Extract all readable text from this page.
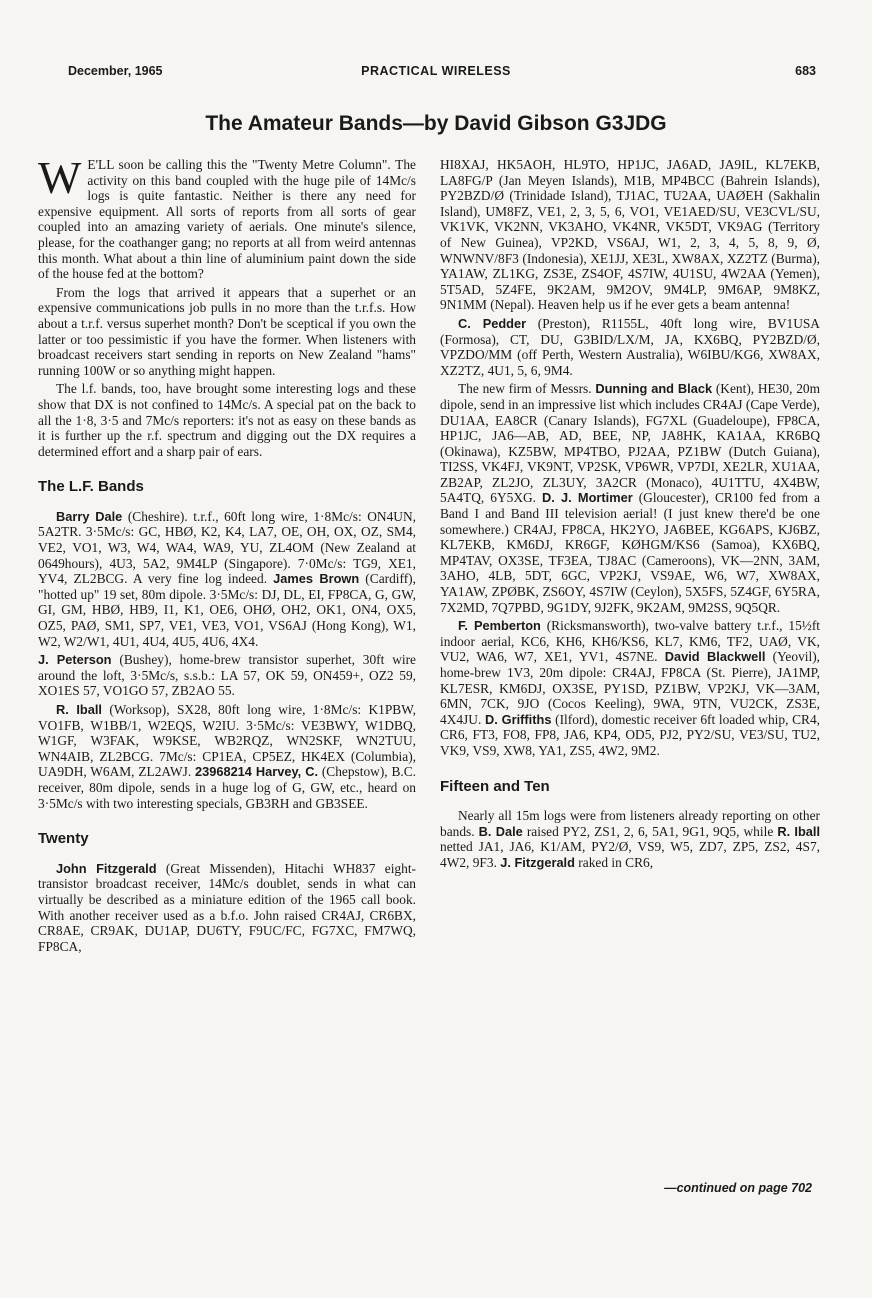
December, 1965	PRACTICAL WIRELESS	683
The Amateur Bands—by David Gibson G3JDG

W E'LL soon be calling this the "Twenty Metre Column". The activity on this band coupled with the huge pile of 14Mc/s logs is quite fantastic. Neither is there any need for expensive equipment. All sorts of reports from all sorts of gear coupled into an amazing variety of aerials. One minute's silence, please, for the coathanger gang; no reports at all from weird antennas this month. What about a thin line of aluminium paint down the side of the house fed at the bottom?

From the logs that arrived it appears that a superhet or an expensive communications job pulls in no more than the t.r.f.s. How about a t.r.f. versus superhet month? Don't be sceptical if you own the latter or too pessimistic if you have the former. When listeners with broadcast receivers start sending in reports on New Zealand "hams" running 100W or so anything might happen.

The l.f. bands, too, have brought some interesting logs and these show that DX is not confined to 14Mc/s. A special pat on the back to all the 1·8, 3·5 and 7Mc/s reporters: it's not as easy on these bands as it is further up the r.f. spectrum and digging out the DX requires a determined effort and a sharp pair of ears.

The L.F. Bands

Barry Dale (Cheshire). t.r.f., 60ft long wire, 1·8Mc/s: ON4UN, 5A2TR. 3·5Mc/s: GC, HBØ, K2, K4, LA7, OE, OH, OX, OZ, SM4, VE2, VO1, W3, W4, WA4, WA9, YU, ZL4OM (New Zealand at 0649hours), 4U3, 5A2, 9M4LP (Singapore). 7·0Mc/s: TG9, XE1, YV4, ZL2BCG. A very fine log indeed. James Brown (Cardiff), "hotted up" 19 set, 80m dipole. 3·5Mc/s: DJ, DL, EI, FP8CA, G, GW, GI, GM, HBØ, HB9, I1, K1, OE6, OHØ, OH2, OK1, ON4, OX5, OZ5, PAØ, SM1, SP7, VE1, VE3, VO1, VS6AJ (Hong Kong), W1, W2, W2/W1, 4U1, 4U4, 4U5, 4U6, 4X4.

J. Peterson (Bushey), home-brew transistor superhet, 30ft wire around the loft, 3·5Mc/s, s.s.b.: LA 57, OK 59, ON459+, OZ2 59, XO1ES 57, VO1GO 57, ZB2AO 55.

R. Iball (Worksop), SX28, 80ft long wire, 1·8Mc/s: K1PBW, VO1FB, W1BB/1, W2EQS, W2IU. 3·5Mc/s: VE3BWY, W1DBQ, W1GF, W3FAK, W9KSE, WB2RQZ, WN2SKF, WN2TUU, WN4AIB, ZL2BCG. 7Mc/s: CP1EA, CP5EZ, HK4EX (Columbia), UA9DH, W6AM, ZL2AWJ. 23968214 Harvey, C. (Chepstow), B.C. receiver, 80m dipole, sends in a huge log of G, GW, etc., heard on 3·5Mc/s with two interesting specials, GB3RH and GB3SEE.

Twenty

John Fitzgerald (Great Missenden), Hitachi WH837 eight-transistor broadcast receiver, 14Mc/s doublet, sends in what can virtually be described as a miniature edition of the 1965 call book. With another receiver used as a b.f.o. John raised CR4AJ, CR6BX, CR8AE, CR9AK, DU1AP, DU6TY, F9UC/FC, FG7XC, FM7WQ, FP8CA,

HI8XAJ, HK5AOH, HL9TO, HP1JC, JA6AD, JA9IL, KL7EKB, LA8FG/P (Jan Meyen Islands), M1B, MP4BCC (Bahrein Islands), PY2BZD/Ø (Trinidade Island), TJ1AC, TU2AA, UAØEH (Sakhalin Island), UM8FZ, VE1, 2, 3, 5, 6, VO1, VE1AED/SU, VE3CVL/SU, VK1VK, VK2NN, VK3AHO, VK4NR, VK5DT, VK9AG (Territory of New Guinea), VP2KD, VS6AJ, W1, 2, 3, 4, 5, 8, 9, Ø, WNWNV/8F3 (Indonesia), XE1JJ, XE3L, XW8AX, XZ2TZ (Burma), YA1AW, ZL1KG, ZS3E, ZS4OF, 4S7IW, 4U1SU, 4W2AA (Yemen), 5T5AD, 5Z4FE, 9K2AM, 9M2OV, 9M4LP, 9M6AP, 9M8KZ, 9N1MM (Nepal). Heaven help us if he ever gets a beam antenna!

C. Pedder (Preston), R1155L, 40ft long wire, BV1USA (Formosa), CT, DU, G3BID/LX/M, JA, KX6BQ, PY2BZD/Ø, VPZDO/MM (off Perth, Western Australia), W6IBU/KG6, XW8AX, XZ2TZ, 4U1, 5, 6, 9M4.

The new firm of Messrs. Dunning and Black (Kent), HE30, 20m dipole, send in an impressive list which includes CR4AJ (Cape Verde), DU1AA, EA8CR (Canary Islands), FG7XL (Guadeloupe), FP8CA, HP1JC, JA6—AB, AD, BEE, NP, JA8HK, KA1AA, KR6BQ (Okinawa), KZ5BW, MP4TBO, PJ2AA, PZ1BW (Dutch Guiana), TI2SS, VK4FJ, VK9NT, VP2SK, VP6WR, VP7DI, XE2LR, XU1AA, ZB2AP, ZL2JO, ZL3UY, 3A2CR (Monaco), 4U1TTU, 4X4BW, 5A4TQ, 6Y5XG. D. J. Mortimer (Gloucester), CR100 fed from a Band I and Band III television aerial! (I just knew there'd be one somewhere.) CR4AJ, FP8CA, HK2YO, JA6BEE, KG6APS, KJ6BZ, KL7EKB, KM6DJ, KR6GF, KØHGM/KS6 (Samoa), KX6BQ, MP4TAV, OX3SE, TF3EA, TJ8AC (Cameroons), VK—2NN, 3AM, 3AHO, 4LB, 5DT, 6GC, VP2KJ, VS9AE, W6, W7, XW8AX, YA1AW, ZPØBK, ZS6OY, 4S7IW (Ceylon), 5X5FS, 5Z4GF, 6Y5RA, 7X2MD, 7Q7PBD, 9G1DY, 9J2FK, 9K2AM, 9M2SS, 9Q5QR.

F. Pemberton (Ricksmansworth), two-valve battery t.r.f., 15½ft indoor aerial, KC6, KH6, KH6/KS6, KL7, KM6, TF2, UAØ, VK, VU2, WA6, W7, XE1, YV1, 4S7NE. David Blackwell (Yeovil), home-brew 1V3, 20m dipole: CR4AJ, FP8CA (St. Pierre), JA1MP, KL7ESR, KM6DJ, OX3SE, PY1SD, PZ1BW, VP2KJ, VK—3AM, 6MN, 7CK, 9JO (Cocos Keeling), 9WA, 9TN, VU2CK, ZS3E, 4X4JU. D. Griffiths (Ilford), domestic receiver 6ft loaded whip, CR4, CR6, FT3, FO8, FP8, JA6, KP4, OD5, PJ2, PY2/SU, VE3/SU, TU2, VK9, VS9, XW8, YA1, ZS5, 4W2, 9M2.

Fifteen and Ten

Nearly all 15m logs were from listeners already reporting on other bands. B. Dale raised PY2, ZS1, 2, 6, 5A1, 9G1, 9Q5, while R. Iball netted JA1, JA6, K1/AM, PY2/Ø, VS9, W5, ZD7, ZP5, ZS2, 4S7, 4W2, 9F3. J. Fitzgerald raked in CR6,

—continued on page 702
